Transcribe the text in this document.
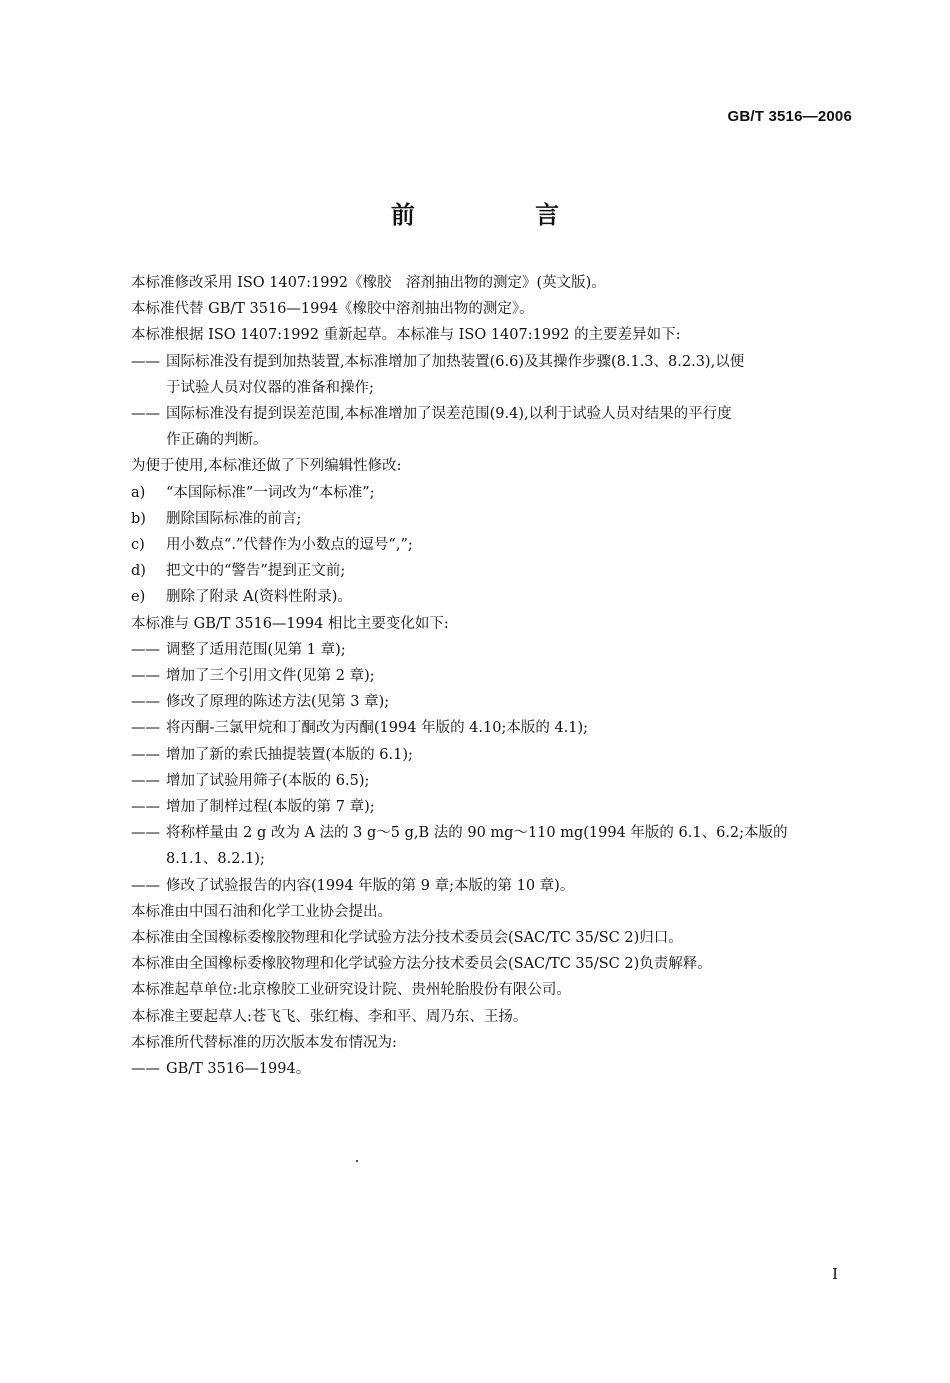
GB/T 3516—2006
前 言
本标准修改采用 ISO 1407:1992《橡胶　溶剂抽出物的测定》(英文版)。
本标准代替 GB/T 3516—1994《橡胶中溶剂抽出物的测定》。
本标准根据 ISO 1407:1992 重新起草。本标准与 ISO 1407:1992 的主要差异如下:
—— 国际标准没有提到加热装置,本标准增加了加热装置(6.6)及其操作步骤(8.1.3、8.2.3),以便
于试验人员对仪器的准备和操作;
—— 国际标准没有提到误差范围,本标准增加了误差范围(9.4),以利于试验人员对结果的平行度
作正确的判断。
为便于使用,本标准还做了下列编辑性修改:
a) “本国际标准”一词改为“本标准”;
b) 删除国际标准的前言;
c) 用小数点“.”代替作为小数点的逗号“,”;
d) 把文中的“警告”提到正文前;
e) 删除了附录 A(资料性附录)。
本标准与 GB/T 3516—1994 相比主要变化如下:
—— 调整了适用范围(见第 1 章);
—— 增加了三个引用文件(见第 2 章);
—— 修改了原理的陈述方法(见第 3 章);
—— 将丙酮-三氯甲烷和丁酮改为丙酮(1994 年版的 4.10;本版的 4.1);
—— 增加了新的索氏抽提装置(本版的 6.1);
—— 增加了试验用筛子(本版的 6.5);
—— 增加了制样过程(本版的第 7 章);
—— 将称样量由 2 g 改为 A 法的 3 g～5 g,B 法的 90 mg～110 mg(1994 年版的 6.1、6.2;本版的
8.1.1、8.2.1);
—— 修改了试验报告的内容(1994 年版的第 9 章;本版的第 10 章)。
本标准由中国石油和化学工业协会提出。
本标准由全国橡标委橡胶物理和化学试验方法分技术委员会(SAC/TC 35/SC 2)归口。
本标准由全国橡标委橡胶物理和化学试验方法分技术委员会(SAC/TC 35/SC 2)负责解释。
本标准起草单位:北京橡胶工业研究设计院、贵州轮胎股份有限公司。
本标准主要起草人:苍飞飞、张红梅、李和平、周乃东、王扬。
本标准所代替标准的历次版本发布情况为:
—— GB/T 3516—1994。
I
